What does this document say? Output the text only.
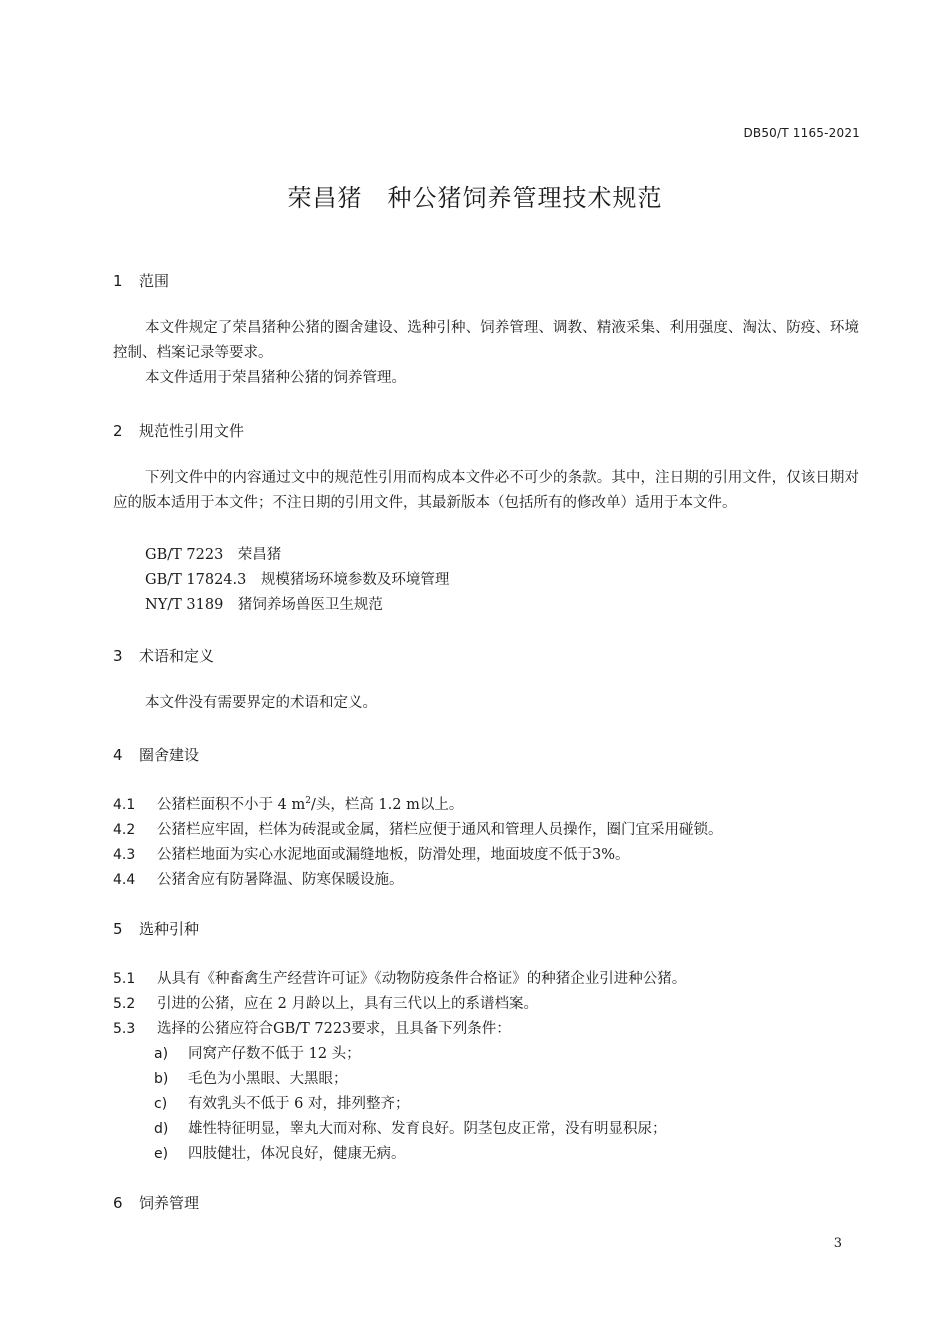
DB50/T 1165-2021
荣昌猪　种公猪饲养管理技术规范
1 范围
本文件规定了荣昌猪种公猪的圈舍建设、选种引种、饲养管理、调教、精液采集、利用强度、淘汰、防疫、环境控制、档案记录等要求。
本文件适用于荣昌猪种公猪的饲养管理。
2 规范性引用文件
下列文件中的内容通过文中的规范性引用而构成本文件必不可少的条款。其中，注日期的引用文件，仅该日期对应的版本适用于本文件；不注日期的引用文件，其最新版本（包括所有的修改单）适用于本文件。
GB/T 7223　荣昌猪
GB/T 17824.3　规模猪场环境参数及环境管理
NY/T 3189　猪饲养场兽医卫生规范
3 术语和定义
本文件没有需要界定的术语和定义。
4 圈舍建设
4.1 公猪栏面积不小于 4 $m^2/$头，栏高 1.2 m以上。
4.2 公猪栏应牢固，栏体为砖混或金属，猪栏应便于通风和管理人员操作，圈门宜采用碰锁。
4.3 公猪栏地面为实心水泥地面或漏缝地板，防滑处理，地面坡度不低于3%。
4.4 公猪舍应有防暑降温、防寒保暖设施。
5 选种引种
5.1 从具有《种畜禽生产经营许可证》《动物防疫条件合格证》的种猪企业引进种公猪。
5.2 引进的公猪，应在 2 月龄以上，具有三代以上的系谱档案。
5.3 选择的公猪应符合GB/T 7223要求，且具备下列条件：
a) 同窝产仔数不低于 12 头；
b) 毛色为小黑眼、大黑眼；
c) 有效乳头不低于 6 对，排列整齐；
d) 雄性特征明显，睾丸大而对称、发育良好。阴茎包皮正常，没有明显积尿；
e) 四肢健壮，体况良好，健康无病。
6 饲养管理
3
